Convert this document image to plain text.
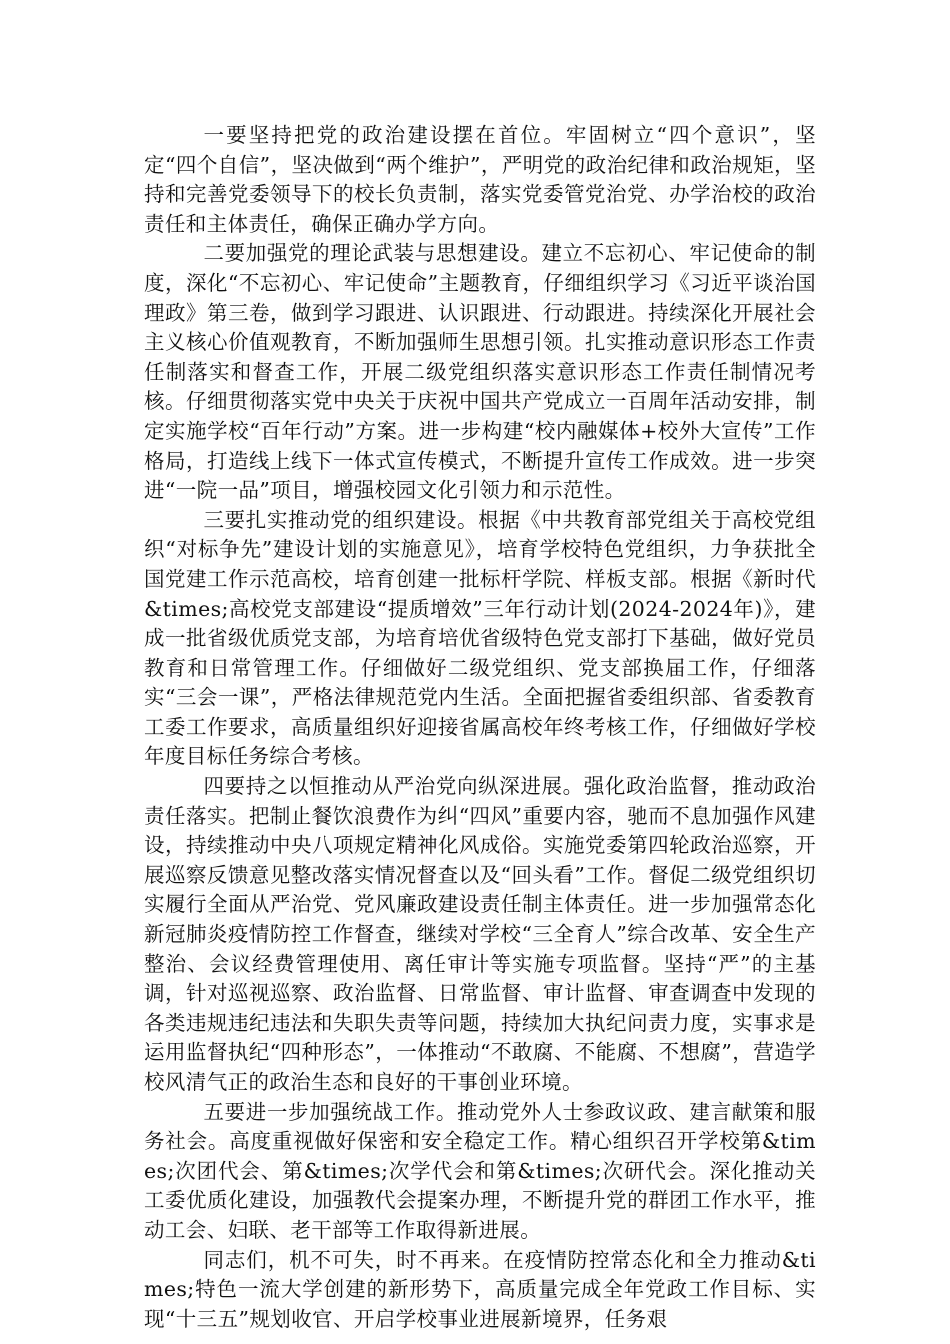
一要坚持把党的政治建设摆在首位。牢固树立“四个意识”，坚定“四个自信”，坚决做到“两个维护”，严明党的政治纪律和政治规矩，坚持和完善党委领导下的校长负责制，落实党委管党治党、办学治校的政治责任和主体责任，确保正确办学方向。

二要加强党的理论武装与思想建设。建立不忘初心、牢记使命的制度，深化“不忘初心、牢记使命”主题教育，仔细组织学习《习近平谈治国理政》第三卷，做到学习跟进、认识跟进、行动跟进。持续深化开展社会主义核心价值观教育，不断加强师生思想引领。扎实推动意识形态工作责任制落实和督查工作，开展二级党组织落实意识形态工作责任制情况考核。仔细贯彻落实党中央关于庆祝中国共产党成立一百周年活动安排，制定实施学校“百年行动”方案。进一步构建“校内融媒体+校外大宣传”工作格局，打造线上线下一体式宣传模式，不断提升宣传工作成效。进一步突进“一院一品”项目，增强校园文化引领力和示范性。

三要扎实推动党的组织建设。根据《中共教育部党组关于高校党组织“对标争先”建设计划的实施意见》，培育学校特色党组织，力争获批全国党建工作示范高校，培育创建一批标杆学院、样板支部。根据《新时代&times;高校党支部建设“提质增效”三年行动计划(2024-2024年)》，建成一批省级优质党支部，为培育培优省级特色党支部打下基础，做好党员教育和日常管理工作。仔细做好二级党组织、党支部换届工作，仔细落实“三会一课”，严格法律规范党内生活。全面把握省委组织部、省委教育工委工作要求，高质量组织好迎接省属高校年终考核工作，仔细做好学校年度目标任务综合考核。

四要持之以恒推动从严治党向纵深进展。强化政治监督，推动政治责任落实。把制止餐饮浪费作为纠“四风”重要内容，驰而不息加强作风建设，持续推动中央八项规定精神化风成俗。实施党委第四轮政治巡察，开展巡察反馈意见整改落实情况督查以及“回头看”工作。督促二级党组织切实履行全面从严治党、党风廉政建设责任制主体责任。进一步加强常态化新冠肺炎疫情防控工作督查，继续对学校“三全育人”综合改革、安全生产整治、会议经费管理使用、离任审计等实施专项监督。坚持“严”的主基调，针对巡视巡察、政治监督、日常监督、审计监督、审查调查中发现的各类违规违纪违法和失职失责等问题，持续加大执纪问责力度，实事求是运用监督执纪“四种形态”，一体推动“不敢腐、不能腐、不想腐”，营造学校风清气正的政治生态和良好的干事创业环境。

五要进一步加强统战工作。推动党外人士参政议政、建言献策和服务社会。高度重视做好保密和安全稳定工作。精心组织召开学校第&times;次团代会、第&times;次学代会和第&times;次研代会。深化推动关工委优质化建设，加强教代会提案办理，不断提升党的群团工作水平，推动工会、妇联、老干部等工作取得新进展。

同志们，机不可失，时不再来。在疫情防控常态化和全力推动&times;特色一流大学创建的新形势下，高质量完成全年党政工作目标、实现“十三五”规划收官、开启学校事业进展新境界，任务艰
